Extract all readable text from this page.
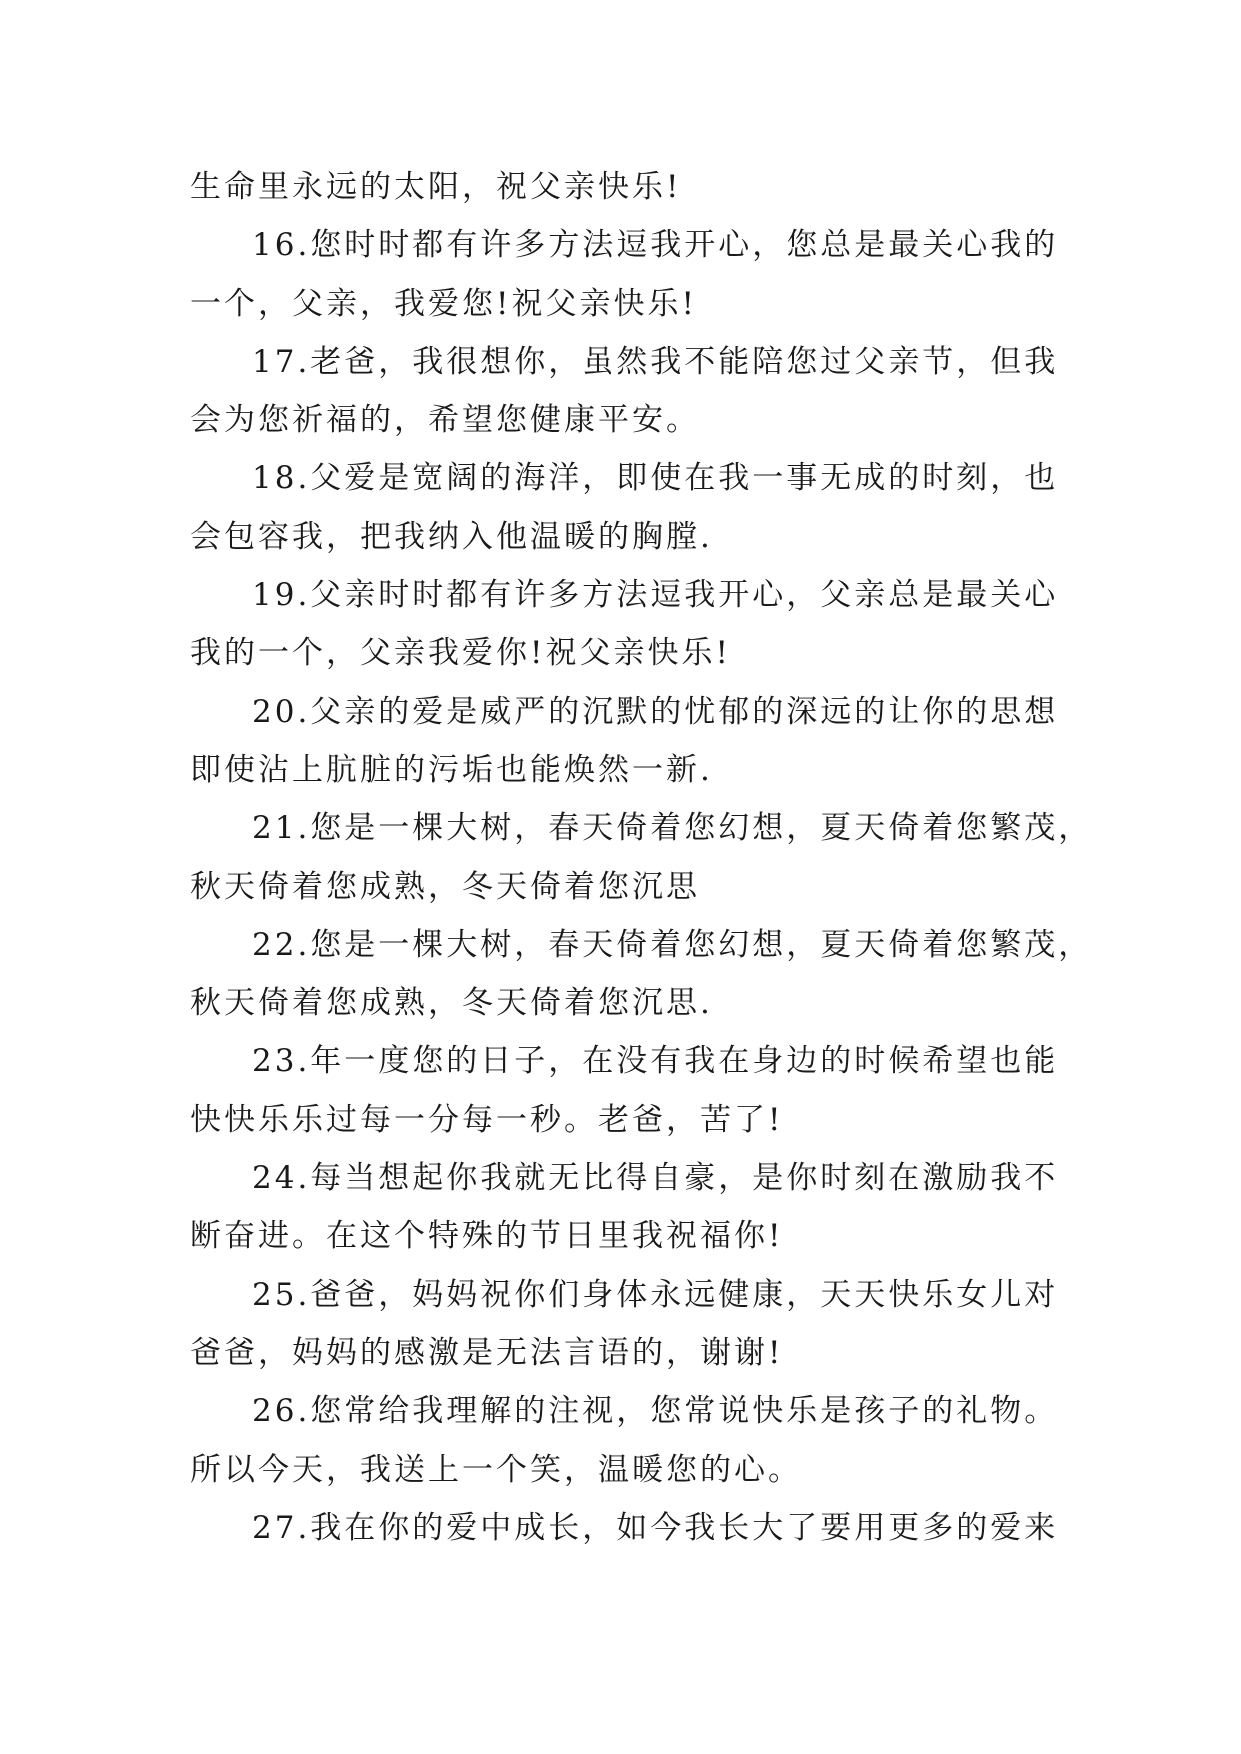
生命里永远的太阳，祝父亲快乐!
16.您时时都有许多方法逗我开心，您总是最关心我的
一个，父亲，我爱您!祝父亲快乐!
17.老爸，我很想你，虽然我不能陪您过父亲节，但我
会为您祈福的，希望您健康平安。
18.父爱是宽阔的海洋，即使在我一事无成的时刻，也
会包容我，把我纳入他温暖的胸膛.
19.父亲时时都有许多方法逗我开心，父亲总是最关心
我的一个，父亲我爱你!祝父亲快乐!
20.父亲的爱是威严的沉默的忧郁的深远的让你的思想
即使沾上肮脏的污垢也能焕然一新.
21.您是一棵大树，春天倚着您幻想，夏天倚着您繁茂，
秋天倚着您成熟，冬天倚着您沉思
22.您是一棵大树，春天倚着您幻想，夏天倚着您繁茂，
秋天倚着您成熟，冬天倚着您沉思.
23.年一度您的日子，在没有我在身边的时候希望也能
快快乐乐过每一分每一秒。老爸，苦了!
24.每当想起你我就无比得自豪，是你时刻在激励我不
断奋进。在这个特殊的节日里我祝福你!
25.爸爸，妈妈祝你们身体永远健康，天天快乐女儿对
爸爸，妈妈的感激是无法言语的，谢谢!
26.您常给我理解的注视，您常说快乐是孩子的礼物。
所以今天，我送上一个笑，温暖您的心。
27.我在你的爱中成长，如今我长大了要用更多的爱来
